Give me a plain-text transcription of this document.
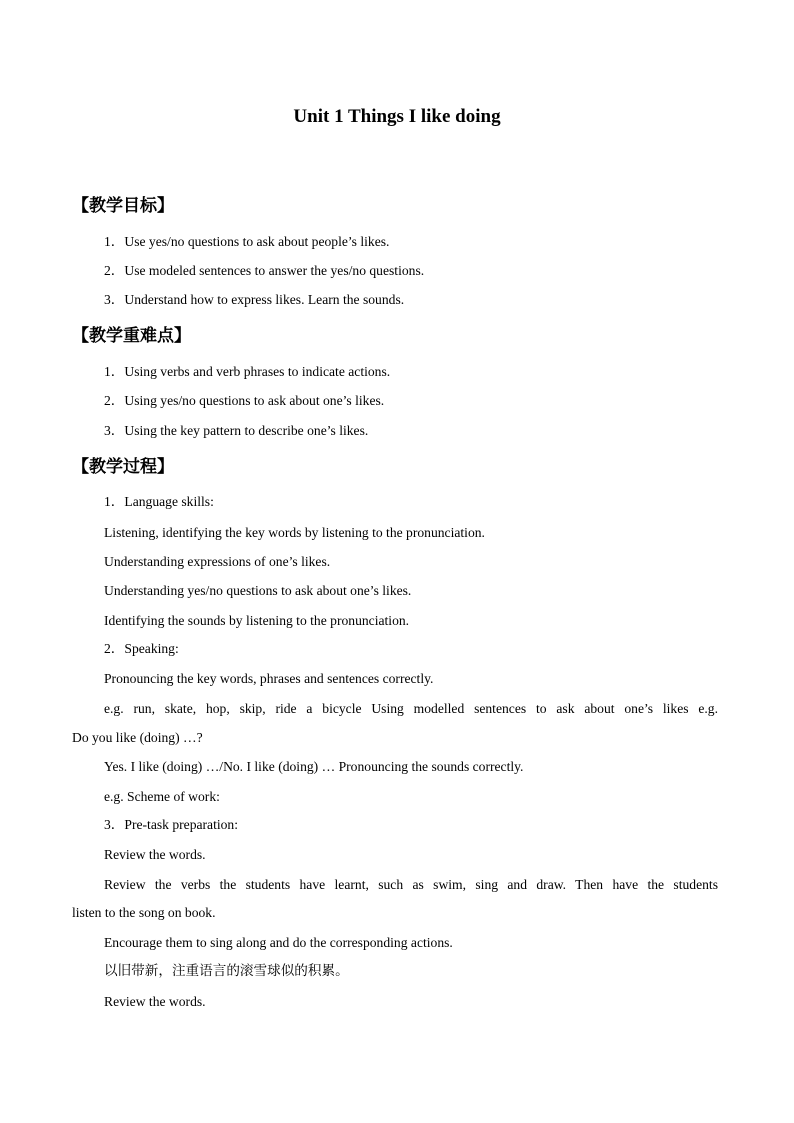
Unit 1 Things I like doing
【教学目标】
1．Use yes/no questions to ask about people’s likes.
2．Use modeled sentences to answer the yes/no questions.
3．Understand how to express likes. Learn the sounds.
【教学重难点】
1．Using verbs and verb phrases to indicate actions.
2．Using yes/no questions to ask about one’s likes.
3．Using the key pattern to describe one’s likes.
【教学过程】
1．Language skills:
Listening, identifying the key words by listening to the pronunciation.
Understanding expressions of one’s likes.
Understanding yes/no questions to ask about one’s likes.
Identifying the sounds by listening to the pronunciation.
2．Speaking:
Pronouncing the key words, phrases and sentences correctly.
e.g. run, skate, hop, skip, ride a bicycle Using modelled sentences to ask about one’s likes e.g.
Do you like (doing) …?
Yes. I like (doing) …/No. I like (doing) … Pronouncing the sounds correctly.
e.g. Scheme of work:
3．Pre-task preparation:
Review the words.
Review the verbs the students have learnt, such as swim, sing and draw. Then have the students
listen to the song on book.
Encourage them to sing along and do the corresponding actions.
以旧带新，注重语言的滚雪球似的积累。
Review the words.
